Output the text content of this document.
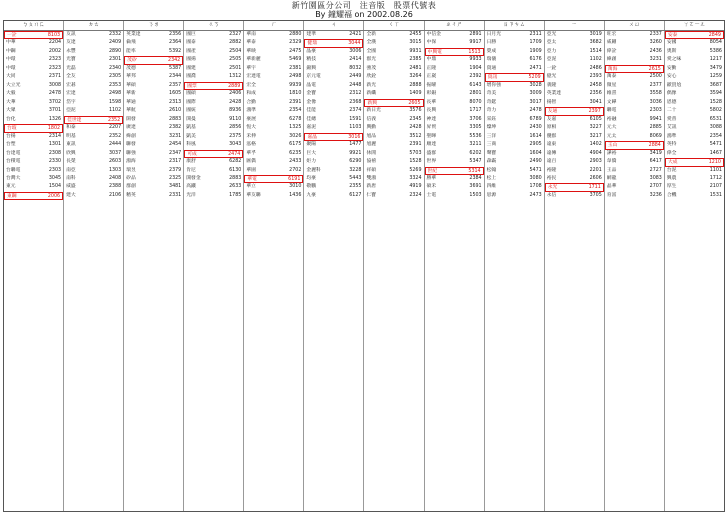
新竹園區分公司　注音版　股票代號表
By 鐘耀福 on 2002.08.26
ㄅㄆㄇㄈ	ㄉㄊ	ㄋㄌ	ㄍㄎ	ㄏ	ㄐ	ㄑㄒ	ㄓㄔㄕ	ㄖㄗㄘㄙ	ㄧ	ㄨㄩ	ㄚㄛ－ㄦ
一詮	8103
中華	2204
中鋼	2002
中環	2323
中環	2323
大同	2371
大立光	3008
大毅	2478
大華	3702
大眾	3701
台化	1326
台玻	1802
台揚	2314
台塑	1301
台達電	2308
台積電	2330
台聯電	2303
台灣大	3045
東元	1504
東鋼	2006
友訊	2332
友達	2409
永豐	2890
光寶	2301
光磊	2340
全友	2305
宏碁	2353
宏達	2498
岱宇	1598
亞泥	1102
佳世達	2352
和泰	2207
明基	2352
東訊	2444
欣興	3037
長榮	2603
南亞	1303
南科	2408
威盛	2388
建大	2106
英業達	2356
倫飛	2364
能率	5392
茂矽	2342
茂德	5387
華邦	2344
華碩	2357
華新	1605
華通	2313
華航	2610
開發	2883
廣達	2382
緯創	3231
聯發	2454
聯強	2347
鴻海	2317
瑞昱	2379
矽品	2325
群創	3481
精英	2331
國巨	2327
國泰	2882
國產	2504
國揚	2505
國建	2501
國喬	1312
國票	2889
國碩	2406
國際	2428
國統	8936
開曼	9110
凱基	2856
凱美	2375
科風	3043
可成	2474
康舒	6282
肯尼	6130
開發金	2883
高鐵	2633
光洋	1785
華南	2880
華泰	2329
華映	2475
華新麗	5469
華宇	2381
宏達電	2498
宏全	9939
和成	1810
合勤	2391
鴻準	2354
豪展	6278
恆大	1325
禾伸	3026
泓格	6175
華孚	6235
匯僑	2433
華園	2702
華電	6191
華立	3010
華友聯	1436
建準	2421
健鼎	3044
晶豪	3006
精技	2414
錦興	8032
京元電	2449
晶電	2448
金寶	2312
金像	2368
佳能	2374
佳總	1591
嘉泥	1103
嘉晶	3016
聚陽	1477
巨大	9921
炬力	6290
金麗科	3228
均豪	5443
敬鵬	2355
九豪	6127
全新	2455
全漢	3015
全國	9931
群光	2385
強茂	2481
欣銓	3264
新光	2888
新纖	1409
新興	2605
新日光	3576
信義	2345
興勤	2428
旭品	3512
旭麗	2391
休閒	5703
協禧	1528
祥碩	5269
雙鴻	3324
新唐	4919
仁寶	2324
中信金	2891
中保	9917
中興電	1513
中鼎	9933
正隆	1904
正崴	2392
振曜	6143
彰銀	2801
長華	8070
長興	1717
神達	3706
昇貿	3305
聖暉	5536
順達	3211
盛群	6202
世界	5347
世紀	5314
勝華	2384
碩禾	3691
士電	1503
日月光	2311
日勝	1709
榮成	1909
瑞儀	6176
資通	2471
資訊	5209
增你強	3028
奇美	3009
奇鋐	3017
奇力	2478
采鈺	6789
燦坤	2430
三洋	1614
三商	2905
聲寶	1604
森霸	2490
松翰	5471
松上	3080
四維	1708
思源	2473
亞光	3019
亞太	3682
亞力	1514
亞泥	1102
一銓	2486
億光	2393
義隆	2458
英業達	2356
揚智	3041
友通	2397
友嘉	6105
原相	3227
優群	3217
遠東	1402
遠傳	4904
遠百	2903
裕隆	2201
裕民	2606
永光	1711
永信	3705
旺宏	2337
威剛	3260
偉詮	2436
緯創	3231
萬海	2615
萬泰	2500
微星	2377
維熹	3558
文曄	3036
聯電	2303
裕融	9941
元大	2885
元太	8069
玉山	2884
譁裕	3419
韋僑	6417
王品	2727
網龍	3083
晶華	2707
育富	3236
安泰	2849
安國	8054
奧斯	5386
愛之味	1217
安勤	3479
安心	1259
歐買尬	3687
偶像	3594
恩德	1528
二十	5802
愛普	6531
艾訊	3088
鴻準	2354
英特	5471
偉全	1467
大成	1210
台泥	1101
興農	1712
厚生	2107
合機	1531
